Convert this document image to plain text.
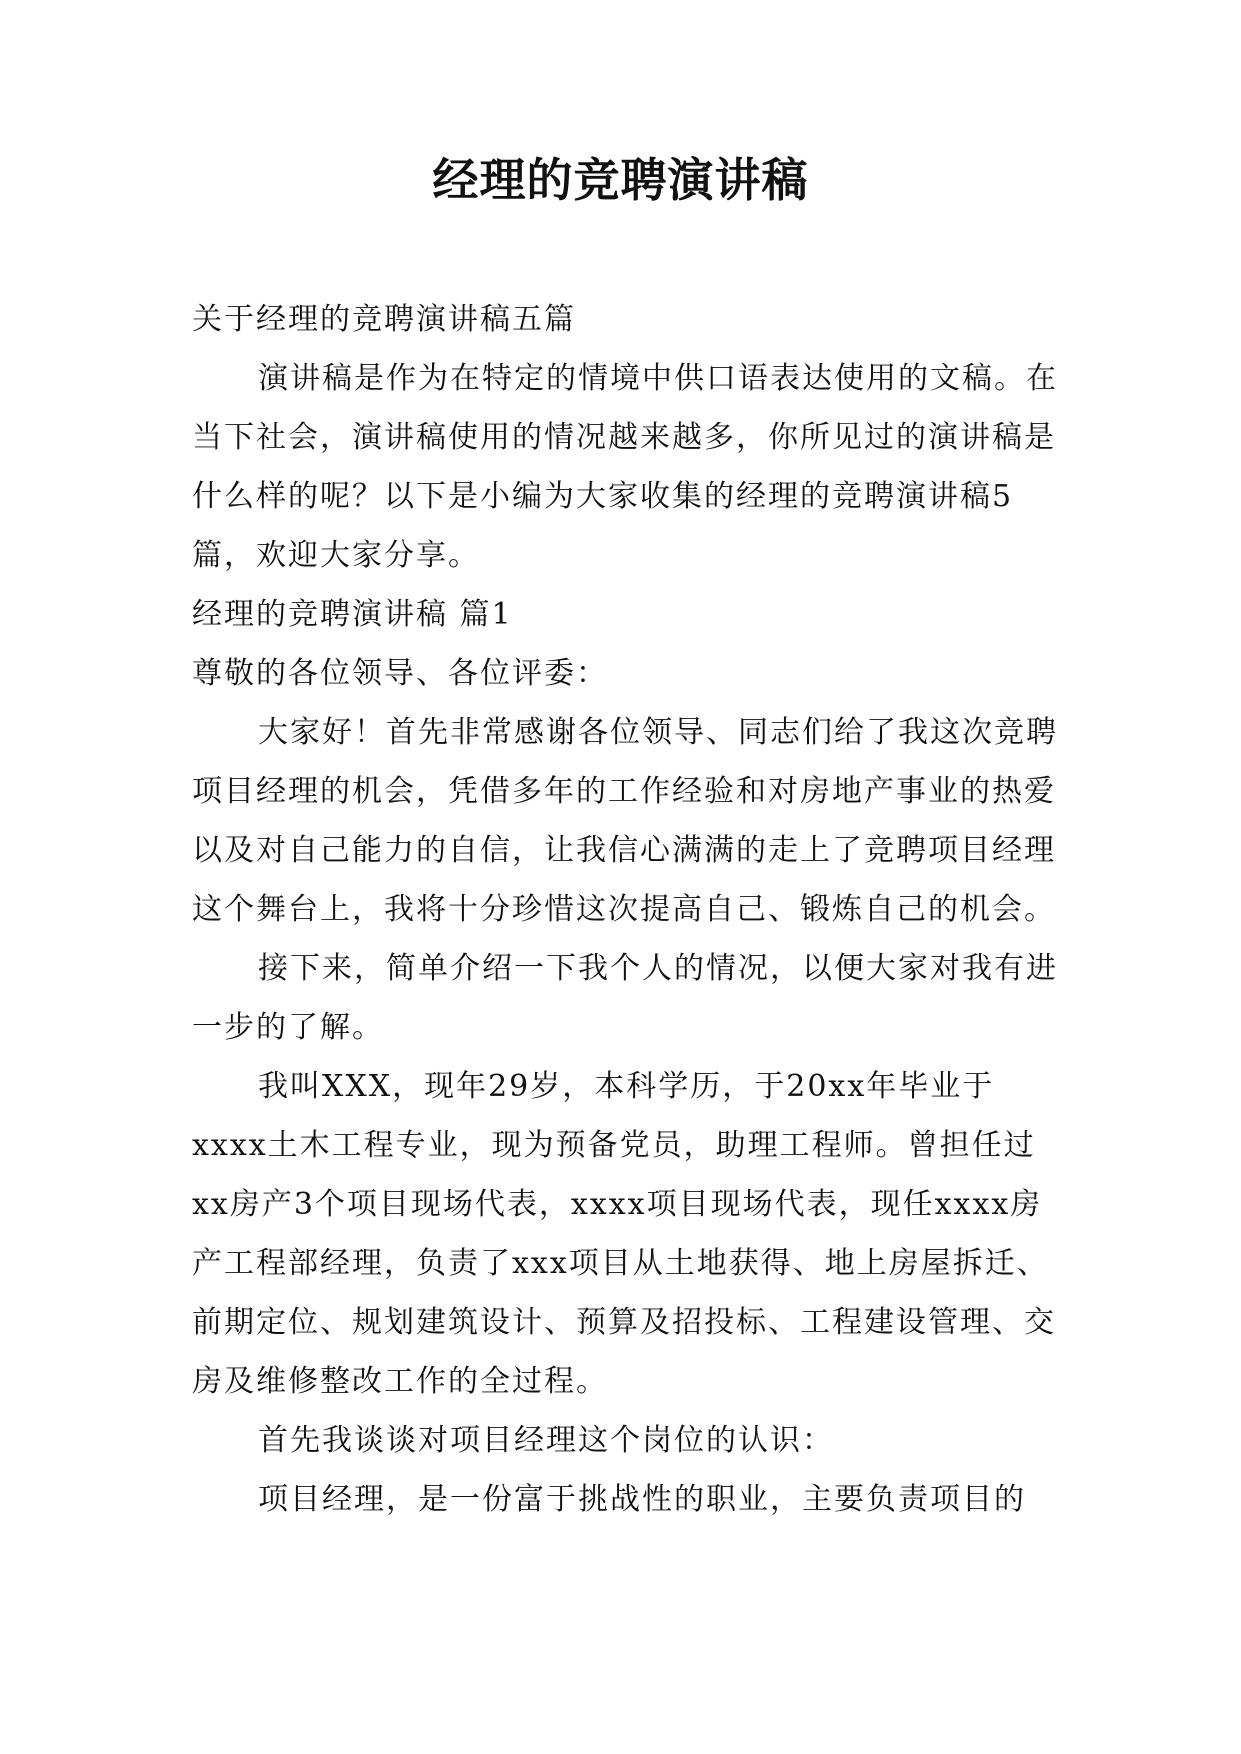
经理的竞聘演讲稿

关于经理的竞聘演讲稿五篇

演讲稿是作为在特定的情境中供口语表达使用的文稿。在当下社会，演讲稿使用的情况越来越多，你所见过的演讲稿是什么样的呢？以下是小编为大家收集的经理的竞聘演讲稿5篇，欢迎大家分享。

经理的竞聘演讲稿 篇1

尊敬的各位领导、各位评委：

大家好！首先非常感谢各位领导、同志们给了我这次竞聘项目经理的机会，凭借多年的工作经验和对房地产事业的热爱以及对自己能力的自信，让我信心满满的走上了竞聘项目经理这个舞台上，我将十分珍惜这次提高自己、锻炼自己的机会。

接下来，简单介绍一下我个人的情况，以便大家对我有进一步的了解。

我叫XXX，现年29岁，本科学历，于20xx年毕业于xxxx土木工程专业，现为预备党员，助理工程师。曾担任过xx房产3个项目现场代表，xxxx项目现场代表，现任xxxx房产工程部经理，负责了xxx项目从土地获得、地上房屋拆迁、前期定位、规划建筑设计、预算及招投标、工程建设管理、交房及维修整改工作的全过程。

首先我谈谈对项目经理这个岗位的认识：

项目经理，是一份富于挑战性的职业，主要负责项目的
